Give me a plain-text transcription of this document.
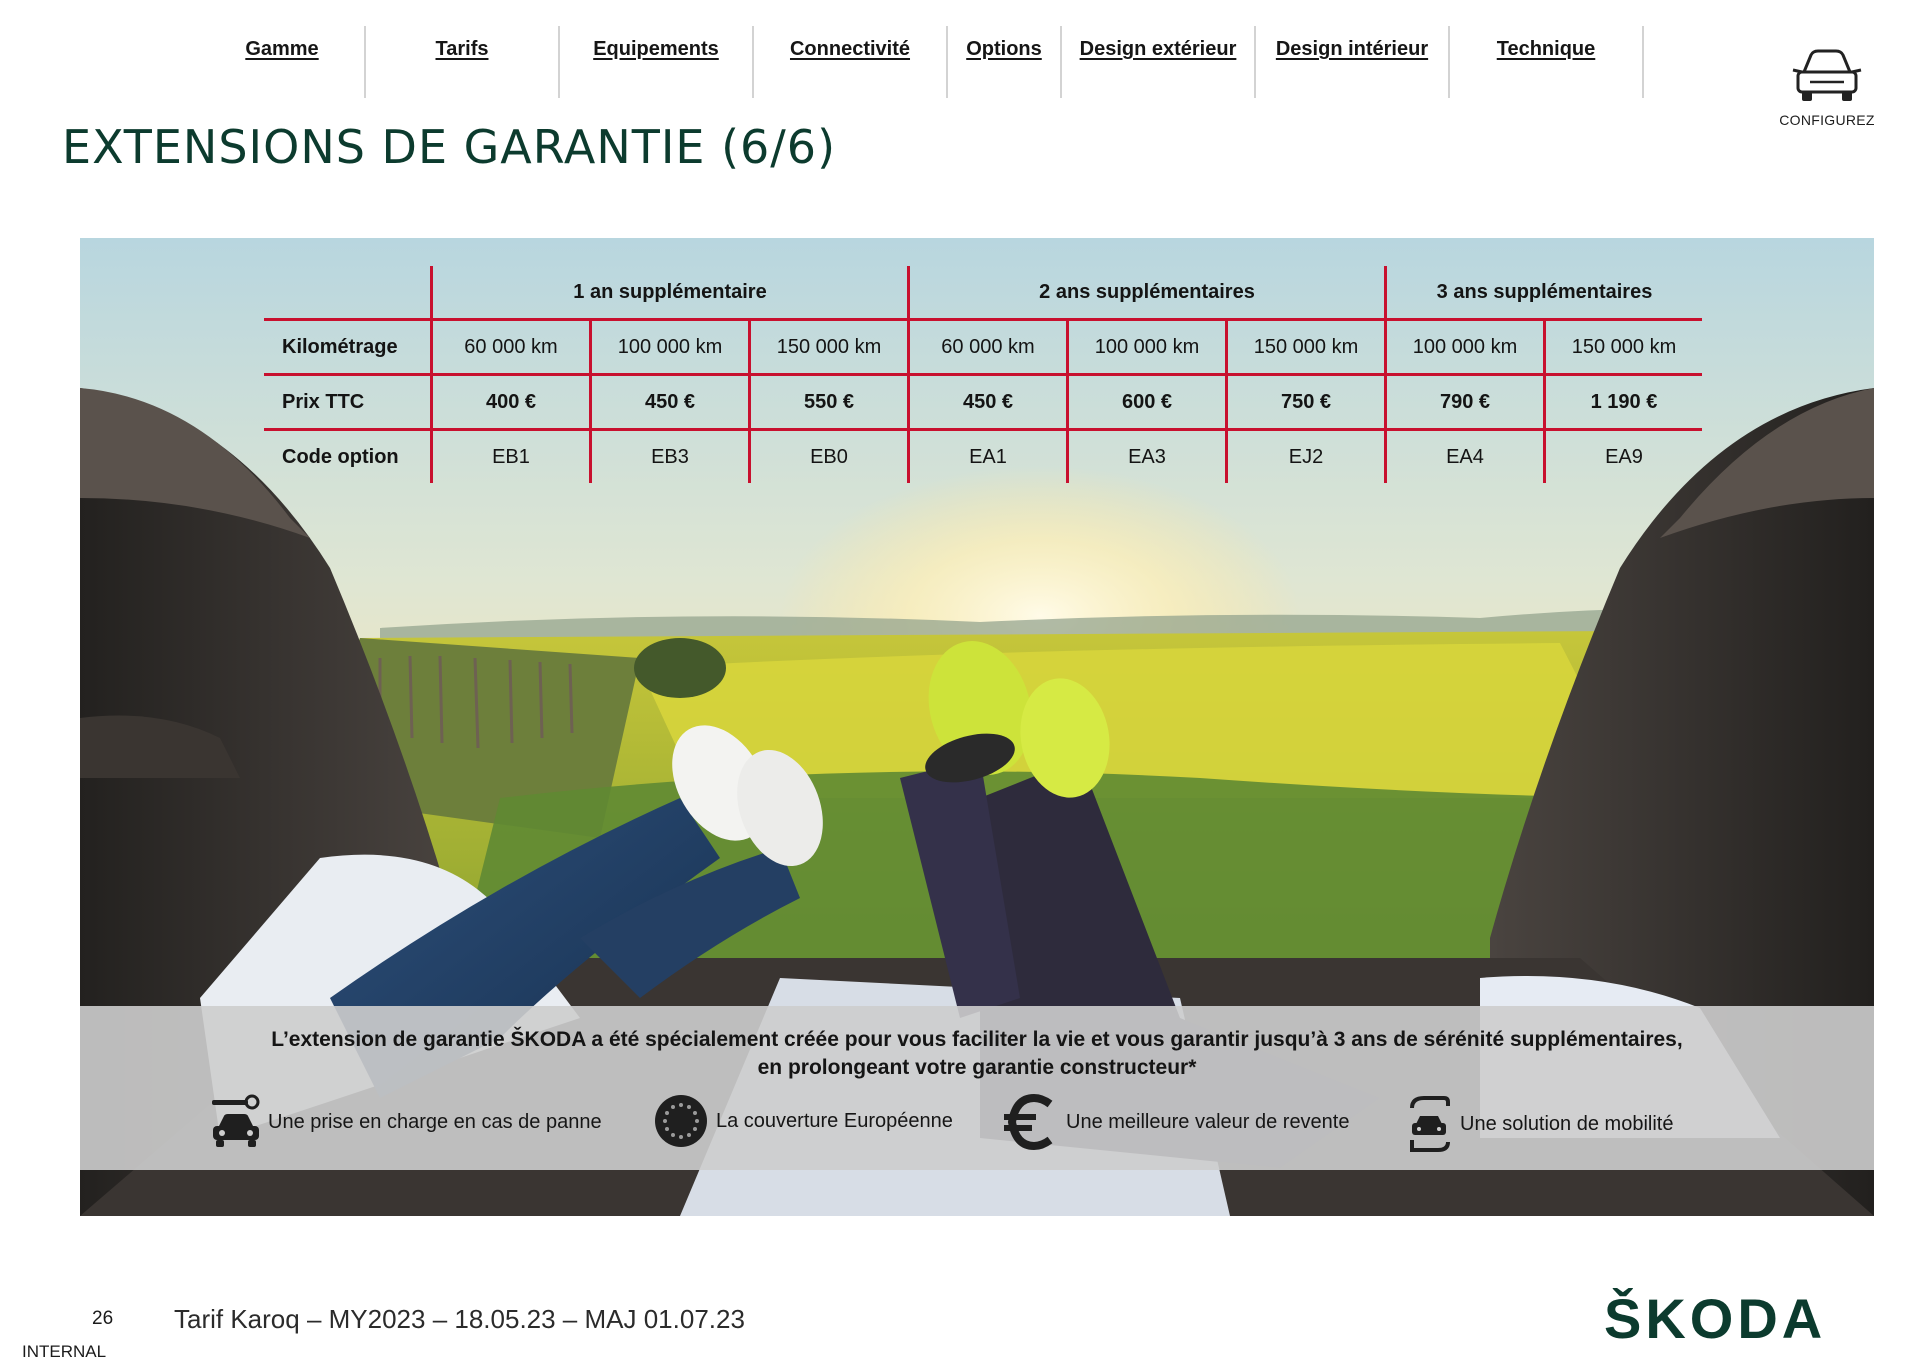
Gamme	Tarifs	Equipements	Connectivité	Options	Design extérieur	Design intérieur	Technique
CONFIGUREZ
EXTENSIONS DE GARANTIE (6/6)
	1 an supplémentaire			2 ans supplémentaires			3 ans supplémentaires	
Kilométrage	60 000 km	100 000 km	150 000 km	60 000 km	100 000 km	150 000 km	100 000 km	150 000 km
Prix TTC	400 €	450 €	550 €	450 €	600 €	750 €	790 €	1 190 €
Code option	EB1	EB3	EB0	EA1	EA3	EJ2	EA4	EA9
L’extension de garantie ŠKODA a été spécialement créée pour vous faciliter la vie et vous garantir jusqu’à 3 ans de sérénité supplémentaires,
en prolongeant votre garantie constructeur*
Une prise en charge en cas de panne	La couverture Européenne	Une meilleure valeur de revente	Une solution de mobilité
26
INTERNAL
Tarif Karoq – MY2023 – 18.05.23 – MAJ 01.07.23	ŠKODA
